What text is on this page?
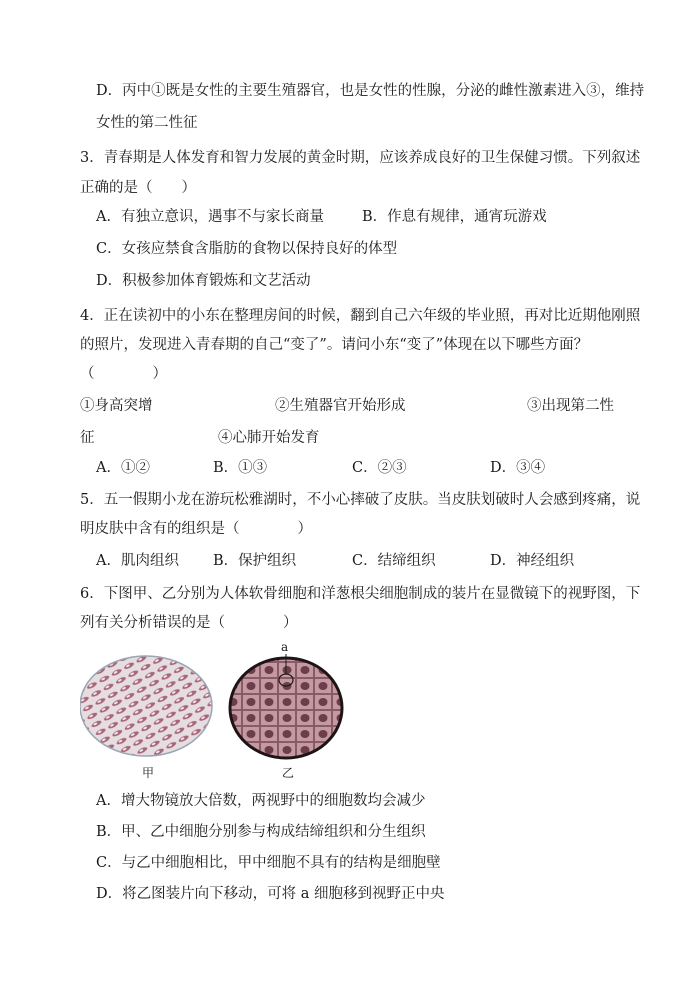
D．丙中①既是女性的主要生殖器官，也是女性的性腺，分泌的雌性激素进入③，维持
女性的第二性征
3．青春期是人体发育和智力发展的黄金时期，应该养成良好的卫生保健习惯。下列叙述
正确的是（　　）
A．有独立意识，遇事不与家长商量	B．作息有规律，通宵玩游戏
C．女孩应禁食含脂肪的食物以保持良好的体型
D．积极参加体育锻炼和文艺活动
4．正在读初中的小东在整理房间的时候，翻到自己六年级的毕业照，再对比近期他刚照
的照片，发现进入青春期的自己“变了”。请问小东“变了”体现在以下哪些方面？
（　　　　）
①身高突增	②生殖器官开始形成	③出现第二性
征	④心肺开始发育
A．①②	B．①③	C．②③	D．③④
5．五一假期小龙在游玩松雅湖时，不小心摔破了皮肤。当皮肤划破时人会感到疼痛，说
明皮肤中含有的组织是（　　　　）
A．肌肉组织 B．保护组织	C．结缔组织	D．神经组织
6．下图甲、乙分别为人体软骨细胞和洋葱根尖细胞制成的装片在显微镜下的视野图，下
列有关分析错误的是（　　　　）
a
甲	乙
A．增大物镜放大倍数，两视野中的细胞数均会减少
B．甲、乙中细胞分别参与构成结缔组织和分生组织
C．与乙中细胞相比，甲中细胞不具有的结构是细胞壁
D．将乙图装片向下移动，可将 a 细胞移到视野正中央
